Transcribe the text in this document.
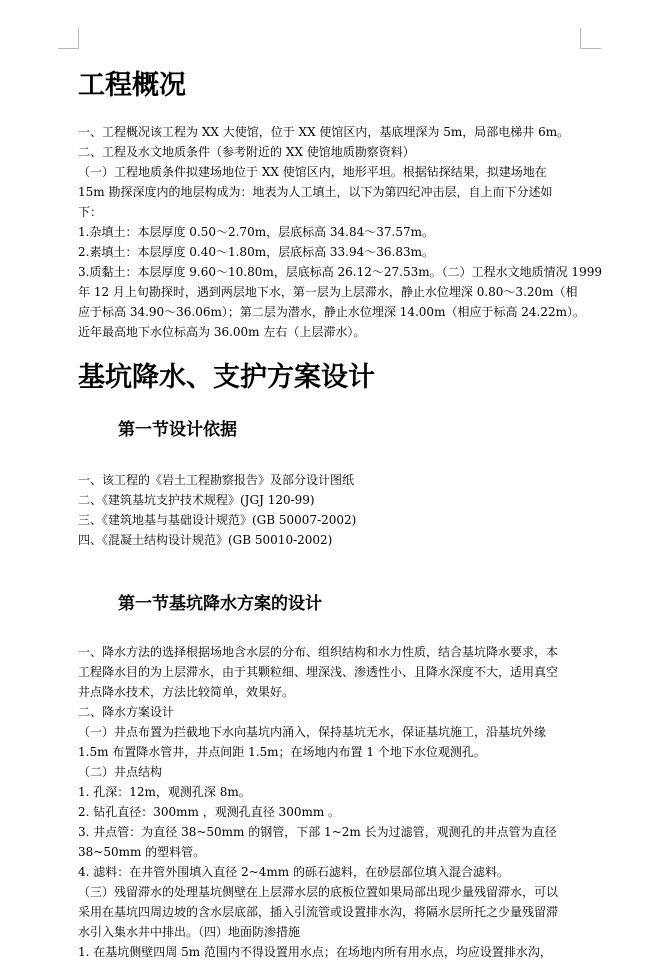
工程概况
一、工程概况该工程为 XX 大使馆，位于 XX 使馆区内，基底埋深为 5m，局部电梯井 6m。
二、工程及水文地质条件（参考附近的 XX 使馆地质勘察资料）
（一）工程地质条件拟建场地位于 XX 使馆区内，地形平坦。根据钻探结果，拟建场地在
15m 勘探深度内的地层构成为：地表为人工填土，以下为第四纪冲击层，自上而下分述如
下：
1.杂填土：本层厚度 0.50～2.70m，层底标高 34.84～37.57m。
2.素填土：本层厚度 0.40～1.80m，层底标高 33.94～36.83m。
3.质黏土：本层厚度 9.60～10.80m，层底标高 26.12～27.53m。（二）工程水文地质情况 1999
年 12 月上旬勘探时，遇到两层地下水，第一层为上层滞水，静止水位埋深 0.80～3.20m（相
应于标高 34.90～36.06m）；第二层为潜水，静止水位埋深 14.00m（相应于标高 24.22m）。
近年最高地下水位标高为 36.00m 左右（上层滞水）。
基坑降水、支护方案设计
第一节设计依据
一、该工程的《岩土工程勘察报告》及部分设计图纸
二、《建筑基坑支护技术规程》(JGJ 120-99)
三、《建筑地基与基础设计规范》(GB 50007-2002)
四、《混凝土结构设计规范》(GB 50010-2002)
第一节基坑降水方案的设计
一、降水方法的选择根据场地含水层的分布、组织结构和水力性质，结合基坑降水要求，本
工程降水目的为上层滞水，由于其颗粒细、埋深浅、渗透性小、且降水深度不大，适用真空
井点降水技术，方法比较简单，效果好。
二、降水方案设计
（一）井点布置为拦截地下水向基坑内涌入，保持基坑无水，保证基坑施工，沿基坑外缘
1.5m 布置降水管井，井点间距 1.5m；在场地内布置 1 个地下水位观测孔。
（二）井点结构
1. 孔深：12m，观测孔深 8m。
2. 钻孔直径：300mm ，观测孔直径 300mm 。
3. 井点管：为直径 38~50mm 的钢管，下部 1~2m 长为过滤管，观测孔的井点管为直径
38~50mm 的塑料管。
4. 滤料：在井管外围填入直径 2~4mm 的砾石滤料，在砂层部位填入混合滤料。
（三）残留滞水的处理基坑侧壁在上层滞水层的底板位置如果局部出现少量残留滞水，可以
采用在基坑四周边坡的含水层底部，插入引流管或设置排水沟，将隔水层所托之少量残留滞
水引入集水井中排出。（四）地面防渗措施
1. 在基坑侧壁四周 5m 范围内不得设置用水点；在场地内所有用水点，均应设置排水沟，
